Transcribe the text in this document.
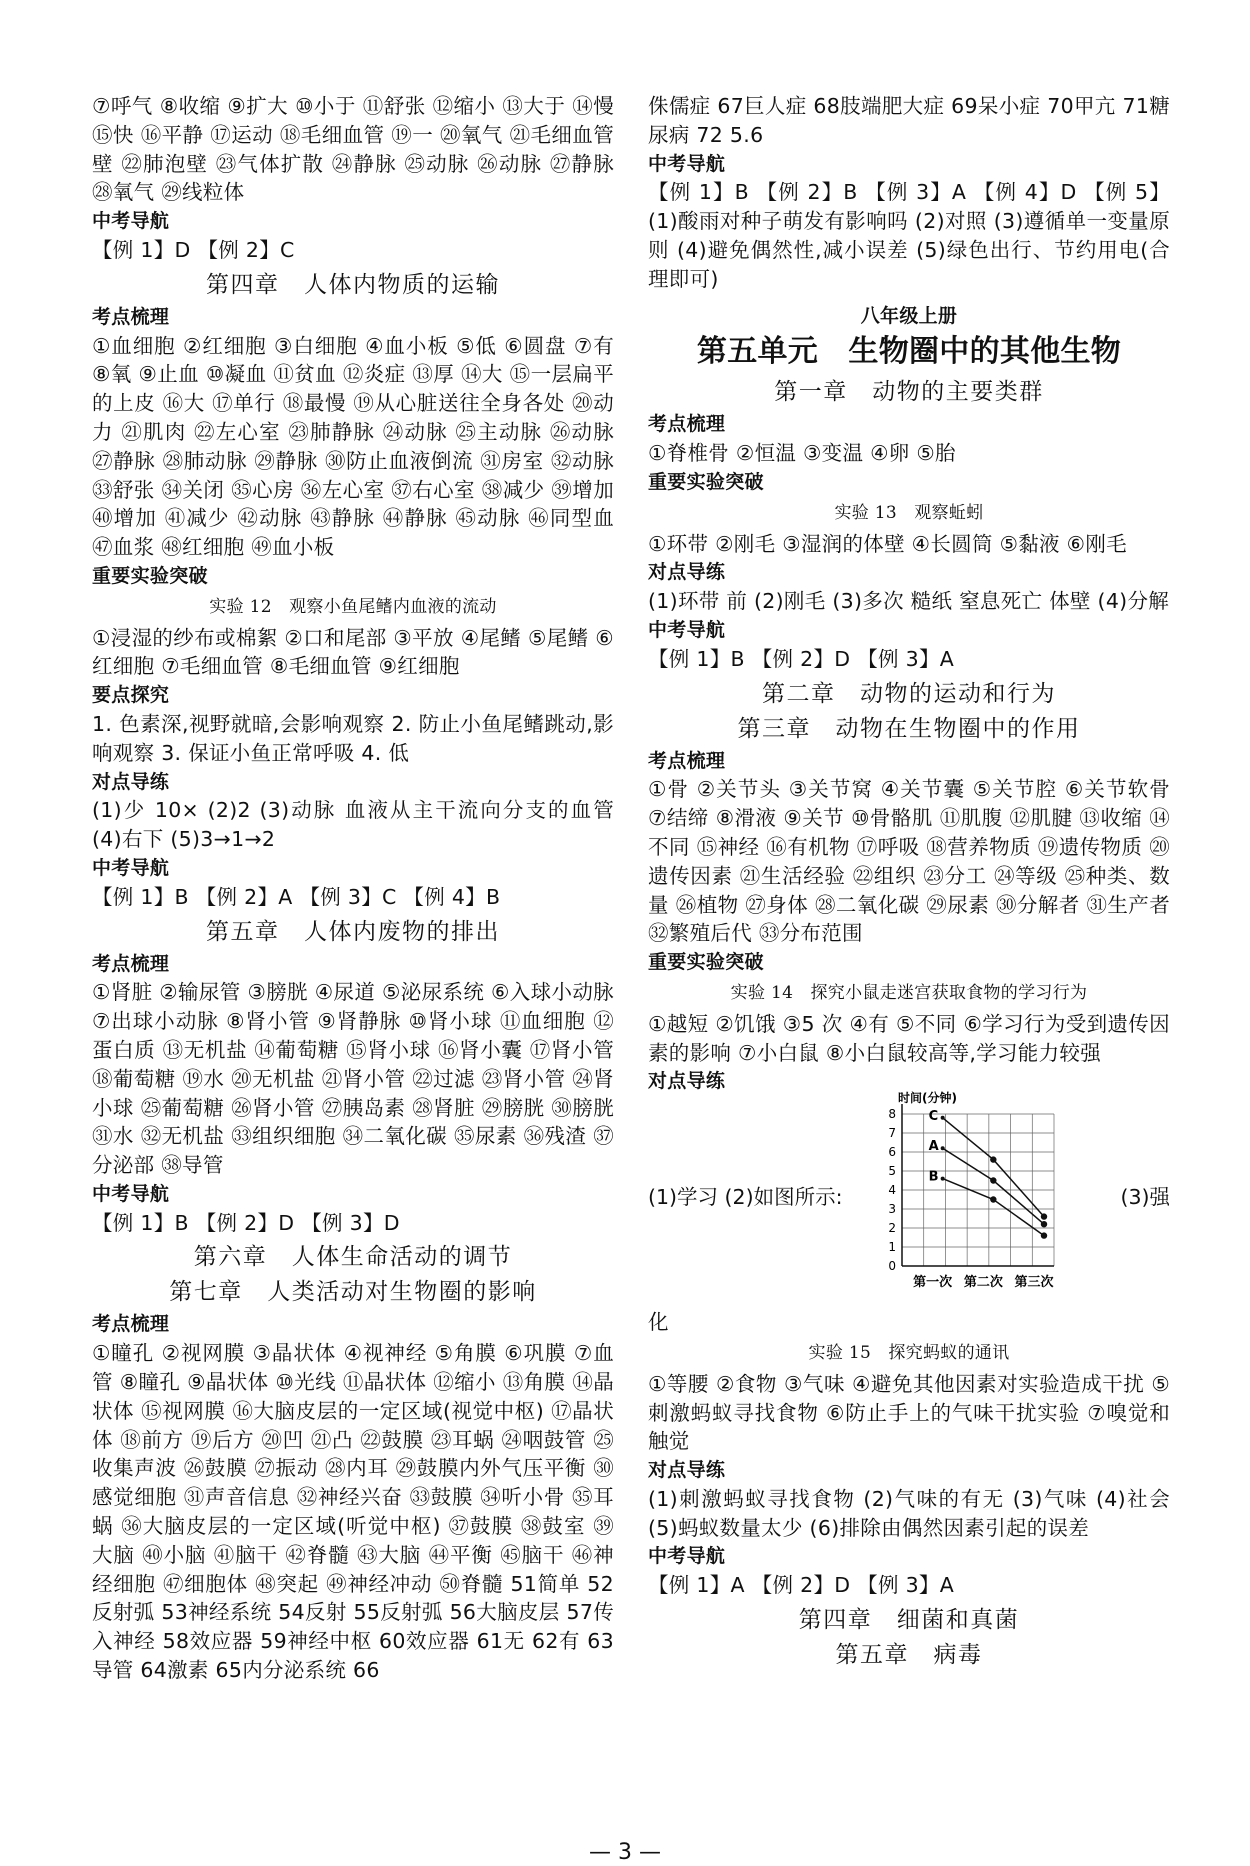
⑦呼气 ⑧收缩 ⑨扩大 ⑩小于 ⑪舒张 ⑫缩小 ⑬大于 ⑭慢 ⑮快 ⑯平静 ⑰运动 ⑱毛细血管 ⑲一 ⑳氧气 ㉑毛细血管壁 ㉒肺泡壁 ㉓气体扩散 ㉔静脉 ㉕动脉 ㉖动脉 ㉗静脉 ㉘氧气 ㉙线粒体

中考导航

【例 1】D 【例 2】C

第四章　人体内物质的运输

考点梳理

①血细胞 ②红细胞 ③白细胞 ④血小板 ⑤低 ⑥圆盘 ⑦有 ⑧氧 ⑨止血 ⑩凝血 ⑪贫血 ⑫炎症 ⑬厚 ⑭大 ⑮一层扁平的上皮 ⑯大 ⑰单行 ⑱最慢 ⑲从心脏送往全身各处 ⑳动力 ㉑肌肉 ㉒左心室 ㉓肺静脉 ㉔动脉 ㉕主动脉 ㉖动脉 ㉗静脉 ㉘肺动脉 ㉙静脉 ㉚防止血液倒流 ㉛房室 ㉜动脉 ㉝舒张 ㉞关闭 ㉟心房 ㊱左心室 ㊲右心室 ㊳减少 ㊴增加 ㊵增加 ㊶减少 ㊷动脉 ㊸静脉 ㊹静脉 ㊺动脉 ㊻同型血 ㊼血浆 ㊽红细胞 ㊾血小板

重要实验突破

实验 12　观察小鱼尾鳍内血液的流动

①浸湿的纱布或棉絮 ②口和尾部 ③平放 ④尾鳍 ⑤尾鳍 ⑥红细胞 ⑦毛细血管 ⑧毛细血管 ⑨红细胞

要点探究

1. 色素深,视野就暗,会影响观察 2. 防止小鱼尾鳍跳动,影响观察 3. 保证小鱼正常呼吸 4. 低

对点导练

(1)少 10× (2)2 (3)动脉 血液从主干流向分支的血管 (4)右下 (5)3→1→2

中考导航

【例 1】B 【例 2】A 【例 3】C 【例 4】B

第五章　人体内废物的排出

考点梳理

①肾脏 ②输尿管 ③膀胱 ④尿道 ⑤泌尿系统 ⑥入球小动脉 ⑦出球小动脉 ⑧肾小管 ⑨肾静脉 ⑩肾小球 ⑪血细胞 ⑫蛋白质 ⑬无机盐 ⑭葡萄糖 ⑮肾小球 ⑯肾小囊 ⑰肾小管 ⑱葡萄糖 ⑲水 ⑳无机盐 ㉑肾小管 ㉒过滤 ㉓肾小管 ㉔肾小球 ㉕葡萄糖 ㉖肾小管 ㉗胰岛素 ㉘肾脏 ㉙膀胱 ㉚膀胱 ㉛水 ㉜无机盐 ㉝组织细胞 ㉞二氧化碳 ㉟尿素 ㊱残渣 ㊲分泌部 ㊳导管

中考导航

【例 1】B 【例 2】D 【例 3】D

第六章　人体生命活动的调节

第七章　人类活动对生物圈的影响

考点梳理

①瞳孔 ②视网膜 ③晶状体 ④视神经 ⑤角膜 ⑥巩膜 ⑦血管 ⑧瞳孔 ⑨晶状体 ⑩光线 ⑪晶状体 ⑫缩小 ⑬角膜 ⑭晶状体 ⑮视网膜 ⑯大脑皮层的一定区域(视觉中枢) ⑰晶状体 ⑱前方 ⑲后方 ⑳凹 ㉑凸 ㉒鼓膜 ㉓耳蜗 ㉔咽鼓管 ㉕收集声波 ㉖鼓膜 ㉗振动 ㉘内耳 ㉙鼓膜内外气压平衡 ㉚感觉细胞 ㉛声音信息 ㉜神经兴奋 ㉝鼓膜 ㉞听小骨 ㉟耳蜗 ㊱大脑皮层的一定区域(听觉中枢) ㊲鼓膜 ㊳鼓室 ㊴大脑 ㊵小脑 ㊶脑干 ㊷脊髓 ㊸大脑 ㊹平衡 ㊺脑干 ㊻神经细胞 ㊼细胞体 ㊽突起 ㊾神经冲动 ㊿脊髓 51简单 52反射弧 53神经系统 54反射 55反射弧 56大脑皮层 57传入神经 58效应器 59神经中枢 60效应器 61无 62有 63导管 64激素 65内分泌系统 66

侏儒症 67巨人症 68肢端肥大症 69呆小症 70甲亢 71糖尿病 72 5.6

中考导航

【例 1】B 【例 2】B 【例 3】A 【例 4】D 【例 5】(1)酸雨对种子萌发有影响吗 (2)对照 (3)遵循单一变量原则 (4)避免偶然性,减小误差 (5)绿色出行、节约用电(合理即可)

八年级上册

第五单元　生物圈中的其他生物

第一章　动物的主要类群

考点梳理

①脊椎骨 ②恒温 ③变温 ④卵 ⑤胎

重要实验突破

实验 13　观察蚯蚓

①环带 ②刚毛 ③湿润的体壁 ④长圆筒 ⑤黏液 ⑥刚毛

对点导练

(1)环带 前 (2)刚毛 (3)多次 糙纸 窒息死亡 体壁 (4)分解

中考导航

【例 1】B 【例 2】D 【例 3】A

第二章　动物的运动和行为

第三章　动物在生物圈中的作用

考点梳理

①骨 ②关节头 ③关节窝 ④关节囊 ⑤关节腔 ⑥关节软骨 ⑦结缔 ⑧滑液 ⑨关节 ⑩骨骼肌 ⑪肌腹 ⑫肌腱 ⑬收缩 ⑭不同 ⑮神经 ⑯有机物 ⑰呼吸 ⑱营养物质 ⑲遗传物质 ⑳遗传因素 ㉑生活经验 ㉒组织 ㉓分工 ㉔等级 ㉕种类、数量 ㉖植物 ㉗身体 ㉘二氧化碳 ㉙尿素 ㉚分解者 ㉛生产者 ㉜繁殖后代 ㉝分布范围

重要实验突破

实验 14　探究小鼠走迷宫获取食物的学习行为

①越短 ②饥饿 ③5 次 ④有 ⑤不同 ⑥学习行为受到遗传因素的影响 ⑦小白鼠 ⑧小白鼠较高等,学习能力较强

对点导练

(1)学习 (2)如图所示:	(3)强
时间(分钟)
0
1
2
3
4
5
6
7
8
第一次 第二次 第三次
C
A
B

化

实验 15　探究蚂蚁的通讯

①等腰 ②食物 ③气味 ④避免其他因素对实验造成干扰 ⑤刺激蚂蚁寻找食物 ⑥防止手上的气味干扰实验 ⑦嗅觉和触觉

对点导练

(1)刺激蚂蚁寻找食物 (2)气味的有无 (3)气味 (4)社会 (5)蚂蚁数量太少 (6)排除由偶然因素引起的误差

中考导航

【例 1】A 【例 2】D 【例 3】A

第四章　细菌和真菌

第五章　病毒

— 3 —
